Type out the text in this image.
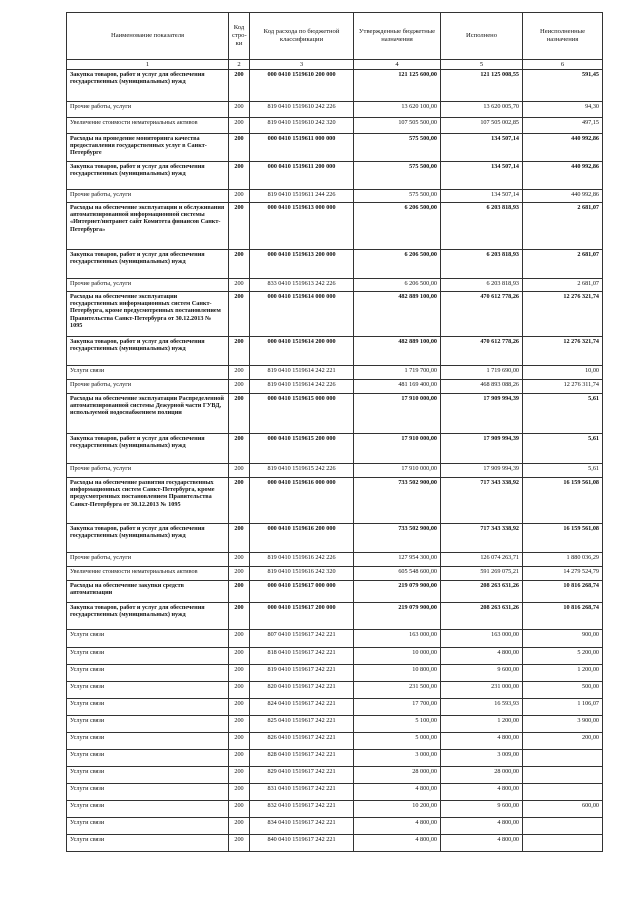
Наименование показателя	Код стро-ки	Код расхода по бюджетной классификации	Утвержденные бюджетные назначения	Исполнено	Неисполненные назначения
1	2	3	4	5	6
Закупка товаров, работ и услуг для обеспечения государственных (муниципальных) нужд	200	000 0410 1519610 200 000	121 125 600,00	121 125 008,55	591,45
Прочие работы, услуги	200	819 0410 1519610 242 226	13 620 100,00	13 620 005,70	94,30
Увеличение стоимости нематериальных активов	200	819 0410 1519610 242 320	107 505 500,00	107 505 002,85	497,15
Расходы на проведение мониторинга качества предоставления государственных услуг в Санкт-Петербурге	200	000 0410 1519611 000 000	575 500,00	134 507,14	440 992,86
Закупка товаров, работ и услуг для обеспечения государственных (муниципальных) нужд	200	000 0410 1519611 200 000	575 500,00	134 507,14	440 992,86
Прочие работы, услуги	200	819 0410 1519611 244 226	575 500,00	134 507,14	440 992,86
Расходы на обеспечение эксплуатации и обслуживания автоматизированной информационной системы «Интернет/интранет сайт Комитета финансов Санкт-Петербурга»	200	000 0410 1519613 000 000	6 206 500,00	6 203 818,93	2 681,07
Закупка товаров, работ и услуг для обеспечения государственных (муниципальных) нужд	200	000 0410 1519613 200 000	6 206 500,00	6 203 818,93	2 681,07
Прочие работы, услуги	200	833 0410 1519613 242 226	6 206 500,00	6 203 818,93	2 681,07
Расходы на обеспечение эксплуатации государственных информационных систем Санкт-Петербурга, кроме предусмотренных постановлением Правительства Санкт-Петербурга от 30.12.2013 № 1095	200	000 0410 1519614 000 000	482 889 100,00	470 612 778,26	12 276 321,74
Закупка товаров, работ и услуг для обеспечения государственных (муниципальных) нужд	200	000 0410 1519614 200 000	482 889 100,00	470 612 778,26	12 276 321,74
Услуги связи	200	819 0410 1519614 242 221	1 719 700,00	1 719 690,00	10,00
Прочие работы, услуги	200	819 0410 1519614 242 226	481 169 400,00	468 893 088,26	12 276 311,74
Расходы на обеспечение эксплуатации Распределенной автоматизированной системы Дежурной части ГУВД, используемой водоснабжением полиции	200	000 0410 1519615 000 000	17 910 000,00	17 909 994,39	5,61
Закупка товаров, работ и услуг для обеспечения государственных (муниципальных) нужд	200	000 0410 1519615 200 000	17 910 000,00	17 909 994,39	5,61
Прочие работы, услуги	200	819 0410 1519615 242 226	17 910 000,00	17 909 994,39	5,61
Расходы на обеспечение развития государственных информационных систем Санкт-Петербурга, кроме предусмотренных постановлением Правительства Санкт-Петербурга от 30.12.2013 № 1095	200	000 0410 1519616 000 000	733 502 900,00	717 343 338,92	16 159 561,08
Закупка товаров, работ и услуг для обеспечения государственных (муниципальных) нужд	200	000 0410 1519616 200 000	733 502 900,00	717 343 338,92	16 159 561,08
Прочие работы, услуги	200	819 0410 1519616 242 226	127 954 300,00	126 074 263,71	1 880 036,29
Увеличение стоимости нематериальных активов	200	819 0410 1519616 242 320	605 548 600,00	591 269 075,21	14 279 524,79
Расходы на обеспечение закупки средств автоматизации	200	000 0410 1519617 000 000	219 079 900,00	208 263 631,26	10 816 268,74
Закупка товаров, работ и услуг для обеспечения государственных (муниципальных) нужд	200	000 0410 1519617 200 000	219 079 900,00	208 263 631,26	10 816 268,74
Услуги связи	200	807 0410 1519617 242 221	163 000,00	163 000,00	900,00
Услуги связи	200	818 0410 1519617 242 221	10 000,00	4 800,00	5 200,00
Услуги связи	200	819 0410 1519617 242 221	10 800,00	9 600,00	1 200,00
Услуги связи	200	820 0410 1519617 242 221	231 500,00	231 000,00	500,00
Услуги связи	200	824 0410 1519617 242 221	17 700,00	16 593,93	1 106,07
Услуги связи	200	825 0410 1519617 242 221	5 100,00	1 200,00	3 900,00
Услуги связи	200	826 0410 1519617 242 221	5 000,00	4 800,00	200,00
Услуги связи	200	828 0410 1519617 242 221	3 000,00	3 009,00	
Услуги связи	200	829 0410 1519617 242 221	28 000,00	28 000,00	
Услуги связи	200	831 0410 1519617 242 221	4 800,00	4 800,00	
Услуги связи	200	832 0410 1519617 242 221	10 200,00	9 600,00	600,00
Услуги связи	200	834 0410 1519617 242 221	4 800,00	4 800,00	
Услуги связи	200	840 0410 1519617 242 221	4 800,00	4 800,00	
